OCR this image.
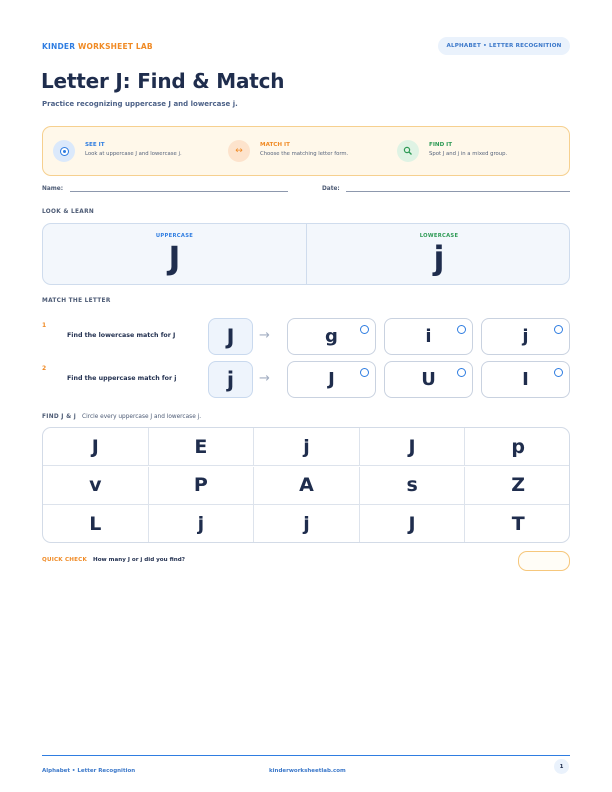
KINDER WORKSHEET LAB	ALPHABET • LETTER RECOGNITION
Letter J: Find & Match
Practice recognizing uppercase J and lowercase j.
SEE IT
Look at uppercase J and lowercase j.	↔
MATCH IT
Choose the matching letter form.
FIND IT
Spot J and j in a mixed group.
Name:	Date:
LOOK & LEARN
UPPERCASE
J
LOWERCASE
j
MATCH THE LETTER
1
Find the lowercase match for J	J	→	g	i	j
2
Find the uppercase match for j	j	→	J	U	I
FIND J & j Circle every uppercase J and lowercase j.
J	E	j	J	p
v	P	A	s	Z
L	j	j	J	T
QUICK CHECK How many J or j did you find?
Alphabet • Letter Recognition	kinderworksheetlab.com
1
